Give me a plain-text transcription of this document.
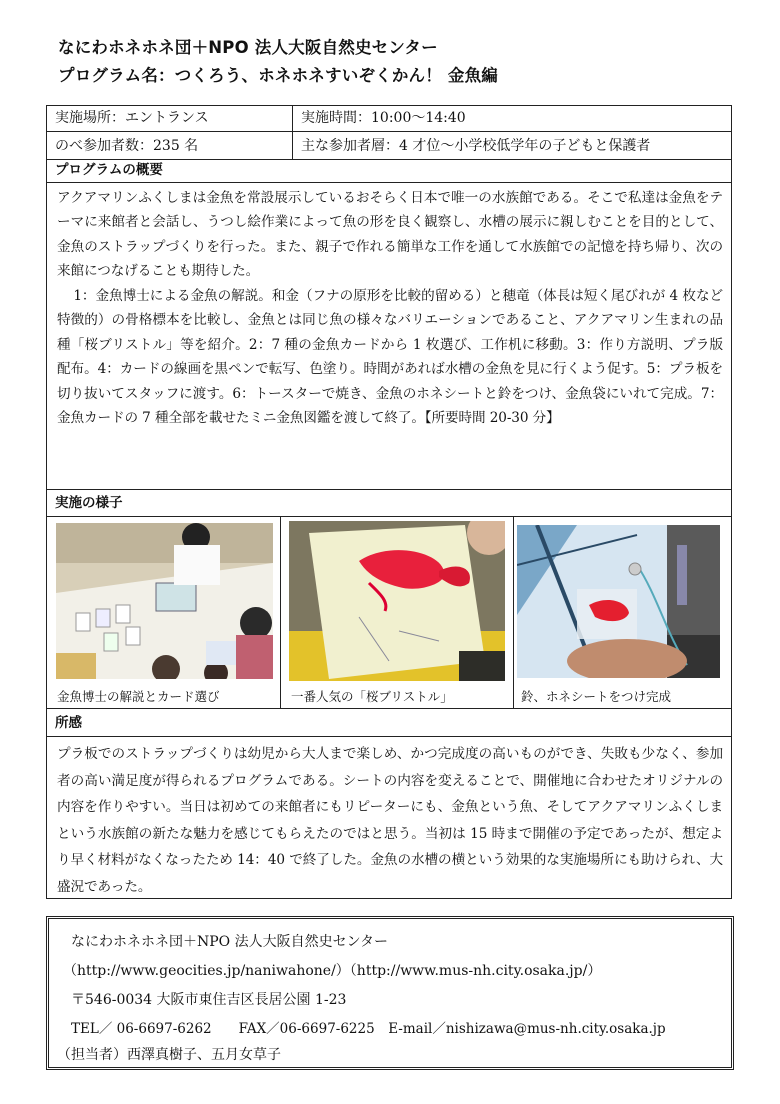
なにわホネホネ団＋NPO 法人大阪自然史センター
プログラム名：つくろう、ホネホネすいぞくかん！ 金魚編
実施場所：エントランス	実施時間：10:00～14:40
のべ参加者数：235 名	主な参加者層：4 才位～小学校低学年の子どもと保護者
プログラムの概要
アクアマリンふくしまは金魚を常設展示しているおそらく日本で唯一の水族館である。そこで私達は金魚をテーマに来館者と会話し、うつし絵作業によって魚の形を良く観察し、水槽の展示に親しむことを目的として、金魚のストラップづくりを行った。また、親子で作れる簡単な工作を通して水族館での記憶を持ち帰り、次の来館につなげることも期待した。
1：金魚博士による金魚の解説。和金（フナの原形を比較的留める）と穂竜（体長は短く尾びれが 4 枚など特徴的）の骨格標本を比較し、金魚とは同じ魚の様々なバリエーションであること、アクアマリン生まれの品種「桜ブリストル」等を紹介。2：7 種の金魚カードから 1 枚選び、工作机に移動。3：作り方説明、プラ版配布。4：カードの線画を黒ペンで転写、色塗り。時間があれば水槽の金魚を見に行くよう促す。5：プラ板を切り抜いてスタッフに渡す。6：トースターで焼き、金魚のホネシートと鈴をつけ、金魚袋にいれて完成。7：金魚カードの 7 種全部を載せたミニ金魚図鑑を渡して終了。【所要時間 20-30 分】
実施の様子
金魚博士の解説とカード選び	一番人気の「桜ブリストル」	鈴、ホネシートをつけ完成
所感
プラ板でのストラップづくりは幼児から大人まで楽しめ、かつ完成度の高いものができ、失敗も少なく、参加者の高い満足度が得られるプログラムである。シートの内容を変えることで、開催地に合わせたオリジナルの内容を作りやすい。当日は初めての来館者にもリピーターにも、金魚という魚、そしてアクアマリンふくしまという水族館の新たな魅力を感じてもらえたのではと思う。当初は 15 時まで開催の予定であったが、想定より早く材料がなくなったため 14：40 で終了した。金魚の水槽の横という効果的な実施場所にも助けられ、大盛況であった。
なにわホネホネ団＋NPO 法人大阪自然史センター
（http://www.geocities.jp/naniwahone/）（http://www.mus-nh.city.osaka.jp/）
〒546-0034 大阪市東住吉区長居公園 1-23
TEL／ 06-6697-6262　　FAX／06-6697-6225　E-mail／nishizawa@mus-nh.city.osaka.jp
（担当者）西澤真樹子、五月女草子
